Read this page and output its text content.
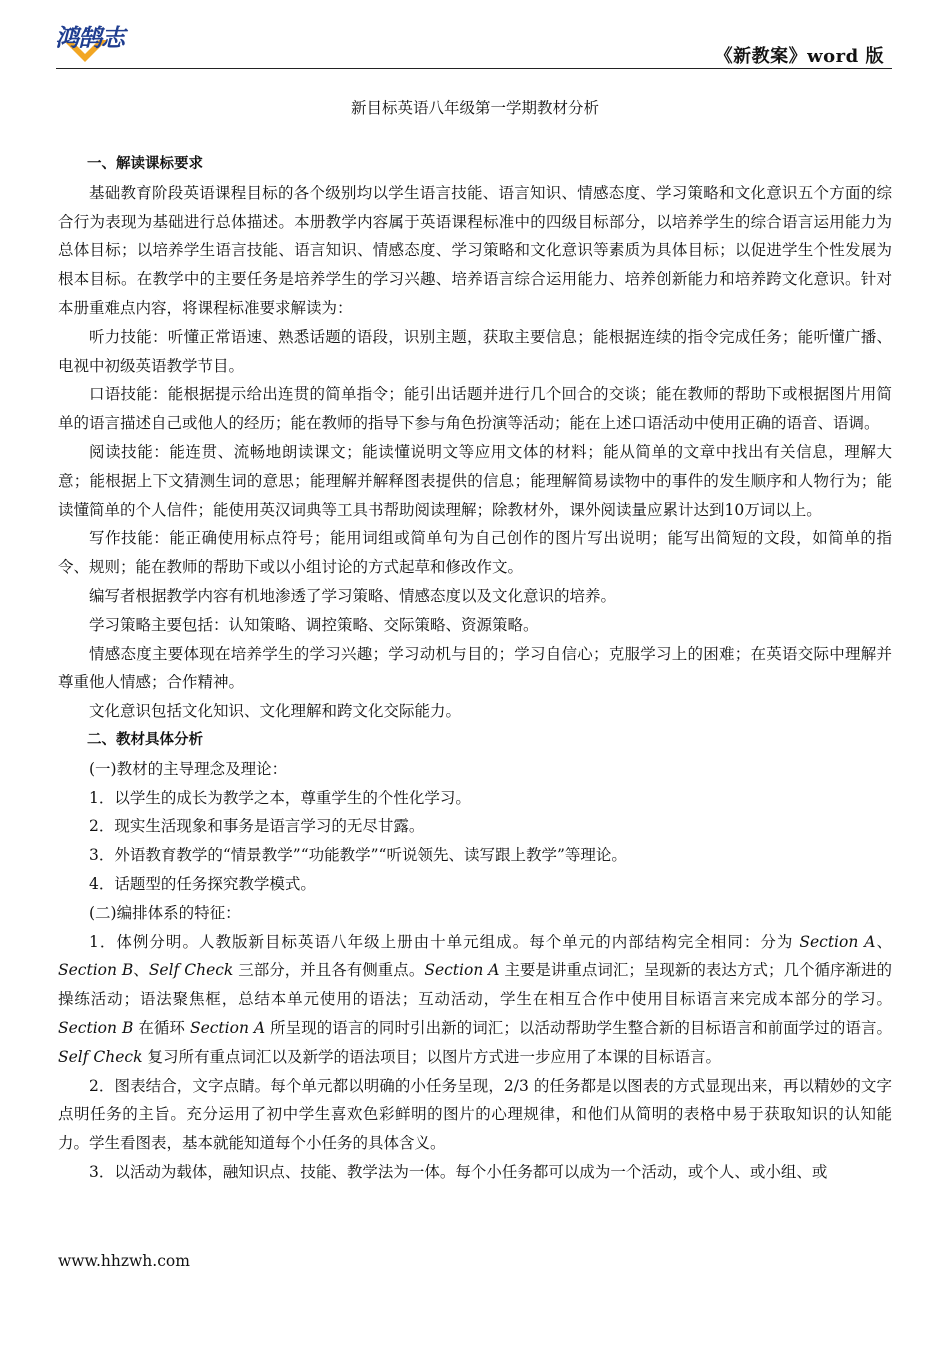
鸿鹄志
《新教案》word 版
新目标英语八年级第一学期教材分析

一、解读课标要求

基础教育阶段英语课程目标的各个级别均以学生语言技能、语言知识、情感态度、学习策略和文化意识五个方面的综合行为表现为基础进行总体描述。本册教学内容属于英语课程标准中的四级目标部分，以培养学生的综合语言运用能力为总体目标；以培养学生语言技能、语言知识、情感态度、学习策略和文化意识等素质为具体目标；以促进学生个性发展为根本目标。在教学中的主要任务是培养学生的学习兴趣、培养语言综合运用能力、培养创新能力和培养跨文化意识。针对本册重难点内容，将课程标准要求解读为：

听力技能：听懂正常语速、熟悉话题的语段，识别主题，获取主要信息；能根据连续的指令完成任务；能听懂广播、电视中初级英语教学节目。

口语技能：能根据提示给出连贯的简单指令；能引出话题并进行几个回合的交谈；能在教师的帮助下或根据图片用简单的语言描述自己或他人的经历；能在教师的指导下参与角色扮演等活动；能在上述口语活动中使用正确的语音、语调。

阅读技能：能连贯、流畅地朗读课文；能读懂说明文等应用文体的材料；能从简单的文章中找出有关信息，理解大意；能根据上下文猜测生词的意思；能理解并解释图表提供的信息；能理解简易读物中的事件的发生顺序和人物行为；能读懂简单的个人信件；能使用英汉词典等工具书帮助阅读理解；除教材外，课外阅读量应累计达到10万词以上。

写作技能：能正确使用标点符号；能用词组或简单句为自己创作的图片写出说明；能写出简短的文段，如简单的指令、规则；能在教师的帮助下或以小组讨论的方式起草和修改作文。

编写者根据教学内容有机地渗透了学习策略、情感态度以及文化意识的培养。

学习策略主要包括：认知策略、调控策略、交际策略、资源策略。

情感态度主要体现在培养学生的学习兴趣；学习动机与目的；学习自信心；克服学习上的困难；在英语交际中理解并尊重他人情感；合作精神。

文化意识包括文化知识、文化理解和跨文化交际能力。

二、教材具体分析

(一)教材的主导理念及理论：

1．以学生的成长为教学之本，尊重学生的个性化学习。

2．现实生活现象和事务是语言学习的无尽甘露。

3．外语教育教学的“情景教学”“功能教学”“听说领先、读写跟上教学”等理论。

4．话题型的任务探究教学模式。

(二)编排体系的特征：

1．体例分明。人教版新目标英语八年级上册由十单元组成。每个单元的内部结构完全相同：分为 Section A、Section B、Self Check 三部分，并且各有侧重点。Section A 主要是讲重点词汇；呈现新的表达方式；几个循序渐进的操练活动；语法聚焦框，总结本单元使用的语法；互动活动，学生在相互合作中使用目标语言来完成本部分的学习。Section B 在循环 Section A 所呈现的语言的同时引出新的词汇；以活动帮助学生整合新的目标语言和前面学过的语言。Self Check 复习所有重点词汇以及新学的语法项目；以图片方式进一步应用了本课的目标语言。

2．图表结合，文字点睛。每个单元都以明确的小任务呈现，2/3 的任务都是以图表的方式显现出来，再以精妙的文字点明任务的主旨。充分运用了初中学生喜欢色彩鲜明的图片的心理规律，和他们从简明的表格中易于获取知识的认知能力。学生看图表，基本就能知道每个小任务的具体含义。

3．以活动为载体，融知识点、技能、教学法为一体。每个小任务都可以成为一个活动，或个人、或小组、或

www.hhzwh.com
